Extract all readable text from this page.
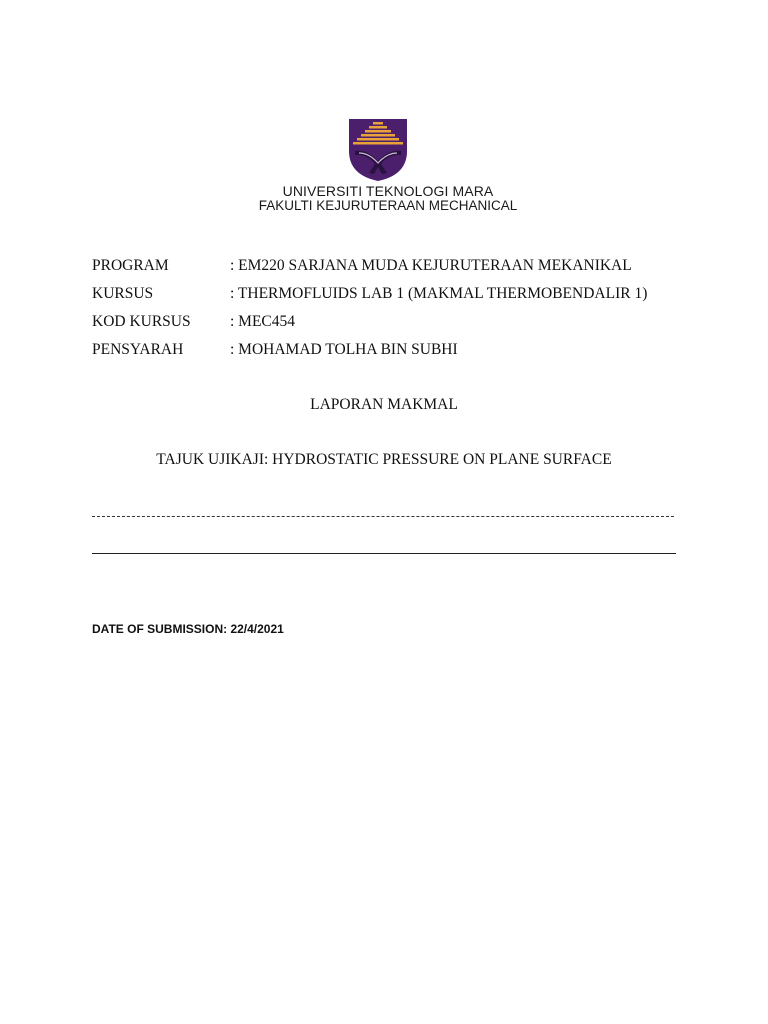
UNIVERSITI TEKNOLOGI MARA
FAKULTI KEJURUTERAAN MECHANICAL
PROGRAM	: EM220 SARJANA MUDA KEJURUTERAAN MEKANIKAL
KURSUS	: THERMOFLUIDS LAB 1 (MAKMAL THERMOBENDALIR 1)
KOD KURSUS	: MEC454
PENSYARAH	: MOHAMAD TOLHA BIN SUBHI
LAPORAN MAKMAL
TAJUK UJIKAJI: HYDROSTATIC PRESSURE ON PLANE SURFACE
DATE OF SUBMISSION: 22/4/2021
